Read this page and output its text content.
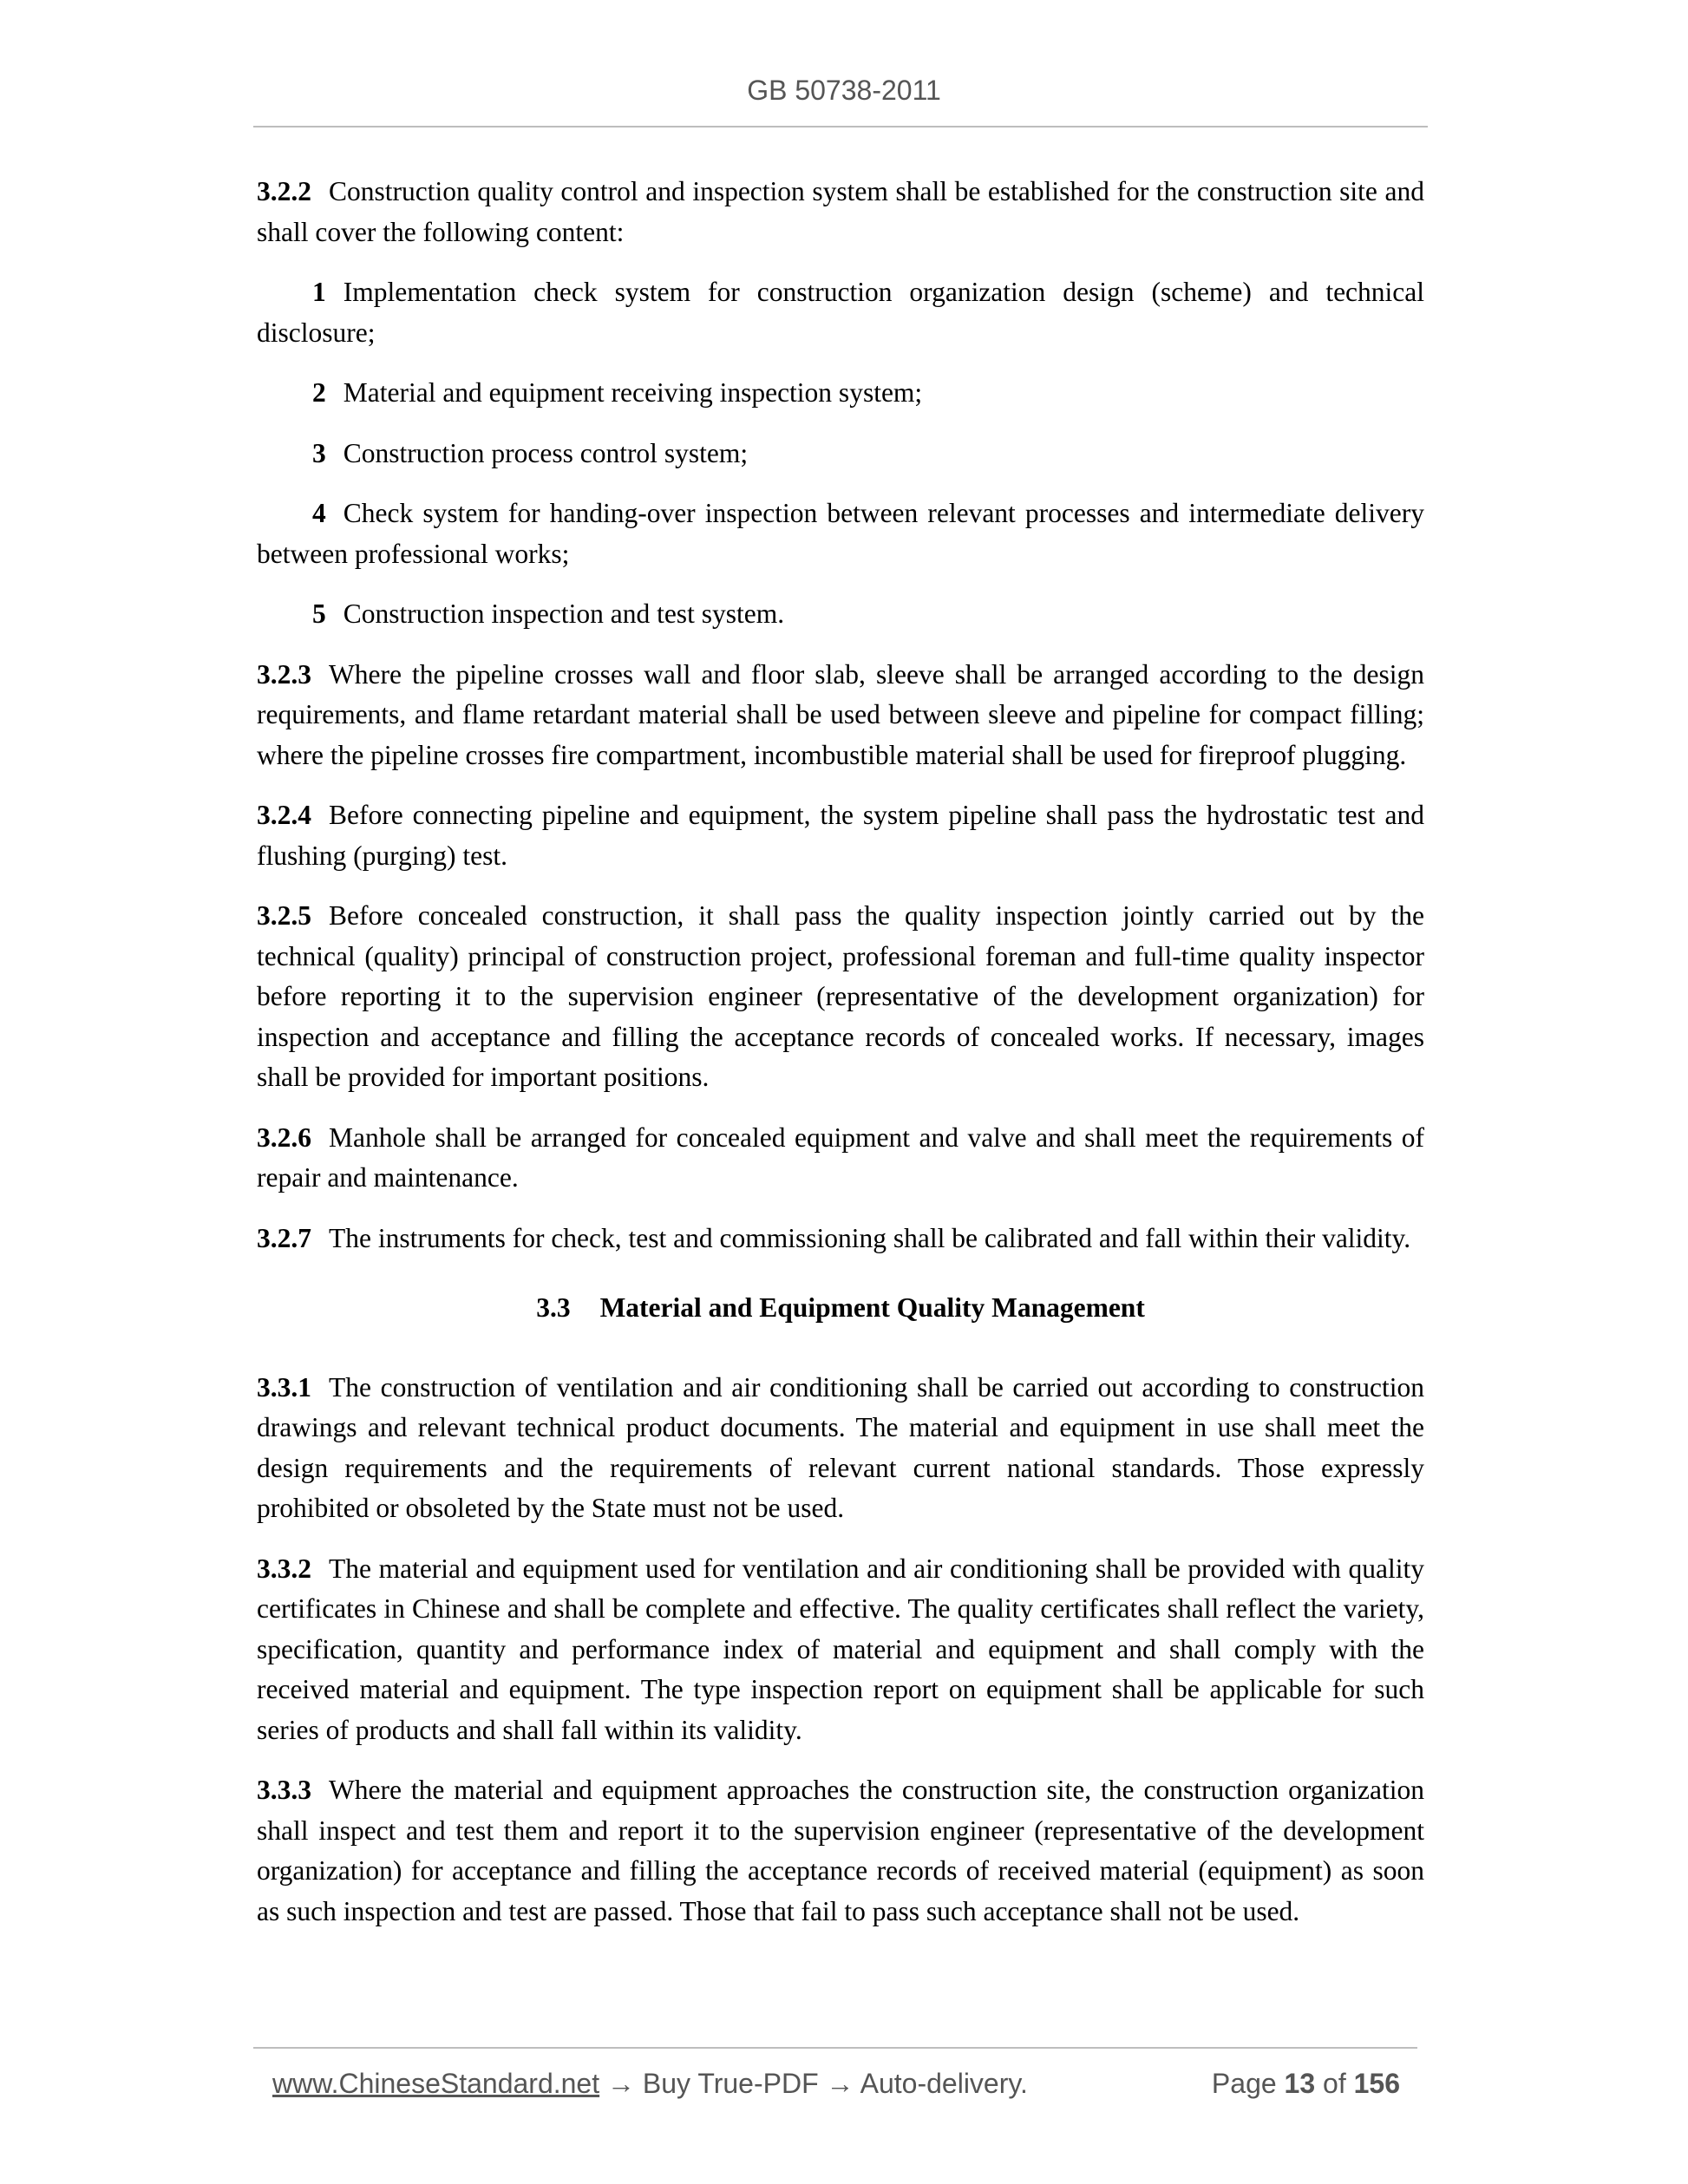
GB 50738-2011

3.2.2 Construction quality control and inspection system shall be established for the construction site and shall cover the following content:

1 Implementation check system for construction organization design (scheme) and technical disclosure;

2 Material and equipment receiving inspection system;

3 Construction process control system;

4 Check system for handing-over inspection between relevant processes and intermediate delivery between professional works;

5 Construction inspection and test system.

3.2.3 Where the pipeline crosses wall and floor slab, sleeve shall be arranged according to the design requirements, and flame retardant material shall be used between sleeve and pipeline for compact filling; where the pipeline crosses fire compartment, incombustible material shall be used for fireproof plugging.

3.2.4 Before connecting pipeline and equipment, the system pipeline shall pass the hydrostatic test and flushing (purging) test.

3.2.5 Before concealed construction, it shall pass the quality inspection jointly carried out by the technical (quality) principal of construction project, professional foreman and full-time quality inspector before reporting it to the supervision engineer (representative of the development organization) for inspection and acceptance and filling the acceptance records of concealed works. If necessary, images shall be provided for important positions.

3.2.6 Manhole shall be arranged for concealed equipment and valve and shall meet the requirements of repair and maintenance.

3.2.7 The instruments for check, test and commissioning shall be calibrated and fall within their validity.

3.3 Material and Equipment Quality Management

3.3.1 The construction of ventilation and air conditioning shall be carried out according to construction drawings and relevant technical product documents. The material and equipment in use shall meet the design requirements and the requirements of relevant current national standards. Those expressly prohibited or obsoleted by the State must not be used.

3.3.2 The material and equipment used for ventilation and air conditioning shall be provided with quality certificates in Chinese and shall be complete and effective. The quality certificates shall reflect the variety, specification, quantity and performance index of material and equipment and shall comply with the received material and equipment. The type inspection report on equipment shall be applicable for such series of products and shall fall within its validity.

3.3.3 Where the material and equipment approaches the construction site, the construction organization shall inspect and test them and report it to the supervision engineer (representative of the development organization) for acceptance and filling the acceptance records of received material (equipment) as soon as such inspection and test are passed. Those that fail to pass such acceptance shall not be used.

www.ChineseStandard.net → Buy True-PDF → Auto-delivery.	Page 13 of 156
